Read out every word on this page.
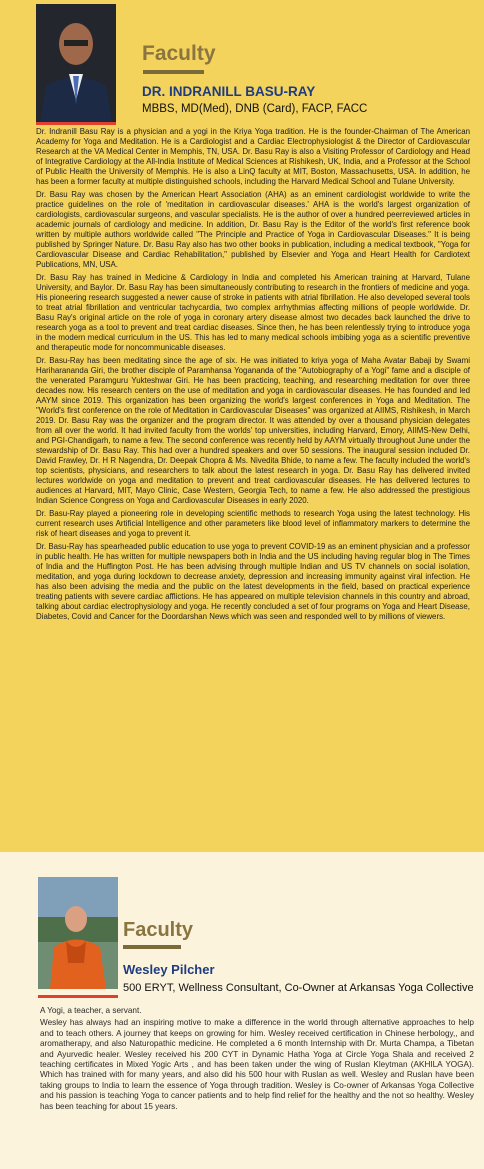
Faculty
DR. INDRANILL BASU-RAY
MBBS, MD(Med), DNB (Card), FACP, FACC

Dr. Indranill Basu Ray is a physician and a yogi in the Kriya Yoga tradition. He is the founder-Chairman of The American Academy for Yoga and Meditation. He is a Cardiologist and a Cardiac Electrophysiologist & the Director of Cardiovascular Research at the VA Medical Center in Memphis, TN, USA. Dr. Basu Ray is also a Visiting Professor of Cardiology and Head of Integrative Cardiology at the All-India Institute of Medical Sciences at Rishikesh, UK, India, and a Professor at the School of Public Health the University of Memphis. He is also a LinQ faculty at MIT, Boston, Massachusetts, USA. In addition, he has been a former faculty at multiple distinguished schools, including the Harvard Medical School and Tulane University.

Dr. Basu Ray was chosen by the American Heart Association (AHA) as an eminent cardiologist worldwide to write the practice guidelines on the role of 'meditation in cardiovascular diseases.' AHA is the world's largest organization of cardiologists, cardiovascular surgeons, and vascular specialists. He is the author of over a hundred peerreviewed articles in academic journals of cardiology and medicine. In addition, Dr. Basu Ray is the Editor of the world's first reference book written by multiple authors worldwide called "The Principle and Practice of Yoga in Cardiovascular Diseases." It is being published by Springer Nature. Dr. Basu Ray also has two other books in publication, including a medical textbook, "Yoga for Cardiovascular Disease and Cardiac Rehabilitation," published by Elsevier and Yoga and Heart Health for Cardiotext Publications, MN, USA.

Dr. Basu Ray has trained in Medicine & Cardiology in India and completed his American training at Harvard, Tulane University, and Baylor. Dr. Basu Ray has been simultaneously contributing to research in the frontiers of medicine and yoga. His pioneering research suggested a newer cause of stroke in patients with atrial fibrillation. He also developed several tools to treat atrial fibrillation and ventricular tachycardia, two complex arrhythmias affecting millions of people worldwide. Dr. Basu Ray's original article on the role of yoga in coronary artery disease almost two decades back launched the drive to research yoga as a tool to prevent and treat cardiac diseases. Since then, he has been relentlessly trying to introduce yoga in the modern medical curriculum in the US. This has led to many medical schools imbibing yoga as a scientific preventive and therapeutic mode for noncommunicable diseases.

Dr. Basu-Ray has been meditating since the age of six. He was initiated to kriya yoga of Maha Avatar Babaji by Swami Hariharananda Giri, the brother disciple of Paramhansa Yogananda of the "Autobiography of a Yogi" fame and a disciple of the venerated Paramguru Yukteshwar Giri. He has been practicing, teaching, and researching meditation for over three decades now. His research centers on the use of meditation and yoga in cardiovascular diseases. He has founded and led AAYM since 2019. This organization has been organizing the world's largest conferences in Yoga and Meditation. The "World's first conference on the role of Meditation in Cardiovascular Diseases" was organized at AIIMS, Rishikesh, in March 2019. Dr. Basu Ray was the organizer and the program director. It was attended by over a thousand physician delegates from all over the world. It had invited faculty from the worlds' top universities, including Harvard, Emory, AIIMS-New Delhi, and PGI-Chandigarh, to name a few. The second conference was recently held by AAYM virtually throughout June under the stewardship of Dr. Basu Ray. This had over a hundred speakers and over 50 sessions. The inaugural session included Dr. David Frawley, Dr. H R Nagendra, Dr. Deepak Chopra & Ms. Nivedita Bhide, to name a few. The faculty included the world's top scientists, physicians, and researchers to talk about the latest research in yoga. Dr. Basu Ray has delivered invited lectures worldwide on yoga and meditation to prevent and treat cardiovascular diseases. He has delivered lectures to audiences at Harvard, MIT, Mayo Clinic, Case Western, Georgia Tech, to name a few. He also addressed the prestigious Indian Science Congress on Yoga and Cardiovascular Diseases in early 2020.

Dr. Basu-Ray played a pioneering role in developing scientific methods to research Yoga using the latest technology. His current research uses Artificial Intelligence and other parameters like blood level of inflammatory markers to determine the risk of heart diseases and yoga to prevent it.

Dr. Basu-Ray has spearheaded public education to use yoga to prevent COVID-19 as an eminent physician and a professor in public health. He has written for multiple newspapers both in India and the US including having regular blog in The Times of India and the Huffington Post. He has been advising through multiple Indian and US TV channels on social isolation, meditation, and yoga during lockdown to decrease anxiety, depression and increasing immunity against viral infection. He has also been advising the media and the public on the latest developments in the field, based on practical experience treating patients with severe cardiac afflictions. He has appeared on multiple television channels in this country and abroad, talking about cardiac electrophysiology and yoga. He recently concluded a set of four programs on Yoga and Heart Disease, Diabetes, Covid and Cancer for the Doordarshan News which was seen and responded well to by millions of viewers.

Faculty
Wesley Pilcher
500 ERYT, Wellness Consultant, Co-Owner at Arkansas Yoga Collective

A Yogi, a teacher, a servant.

Wesley has always had an inspiring motive to make a difference in the world through alternative approaches to help and to teach others. A journey that keeps on growing for him. Wesley received certification in Chinese herbology,, and aromatherapy, and also Naturopathic medicine. He completed a 6 month Internship with Dr. Murta Champa, a Tibetan and Ayurvedic healer. Wesley received his 200 CYT in Dynamic Hatha Yoga at Circle Yoga Shala and received 2 teaching certificates in Mixed Yogic Arts , and has been taken under the wing of Ruslan Kleytman (AKHILA YOGA). Which has trained with for many years, and also did his 500 hour with Ruslan as well. Wesley and Ruslan have been taking groups to India to learn the essence of Yoga through tradition. Wesley is Co-owner of Arkansas Yoga Collective and his passion is teaching Yoga to cancer patients and to help find relief for the healthy and the not so healthy. Wesley has been teaching for about 15 years.
